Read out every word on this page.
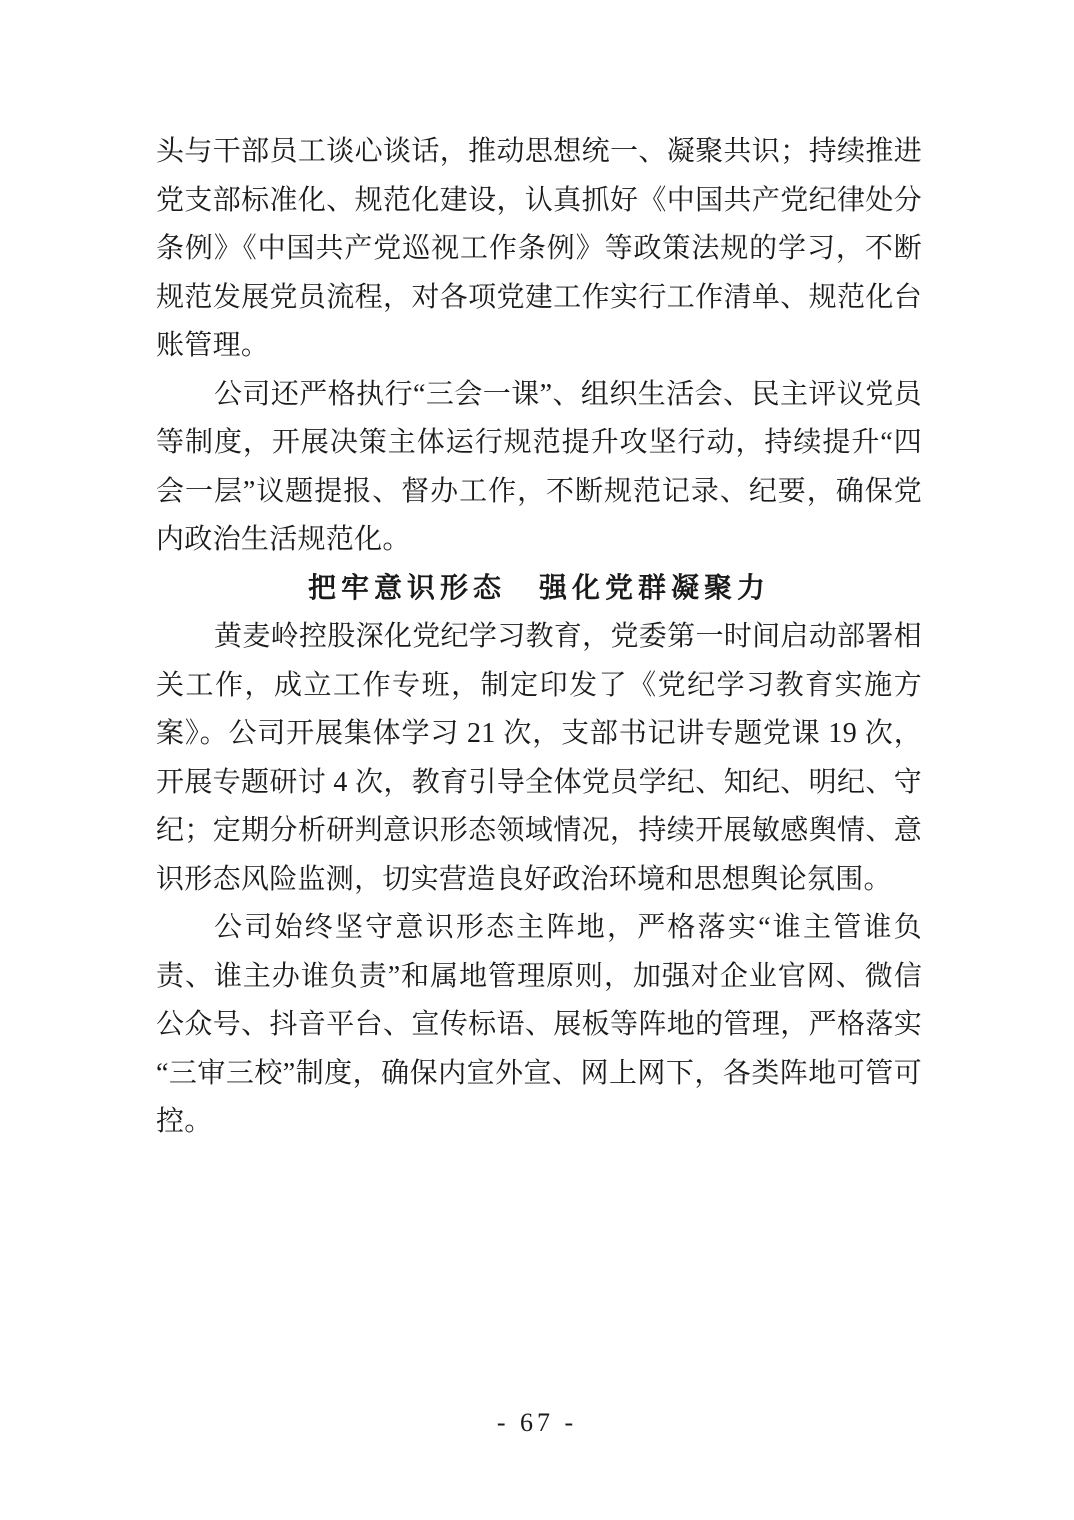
头与干部员工谈心谈话，推动思想统一、凝聚共识；持续推进党支部标准化、规范化建设，认真抓好《中国共产党纪律处分条例》《中国共产党巡视工作条例》等政策法规的学习，不断规范发展党员流程，对各项党建工作实行工作清单、规范化台账管理。

公司还严格执行“三会一课”、组织生活会、民主评议党员等制度，开展决策主体运行规范提升攻坚行动，持续提升“四会一层”议题提报、督办工作，不断规范记录、纪要，确保党内政治生活规范化。

把牢意识形态　强化党群凝聚力

黄麦岭控股深化党纪学习教育，党委第一时间启动部署相关工作，成立工作专班，制定印发了《党纪学习教育实施方案》。公司开展集体学习 21 次，支部书记讲专题党课 19 次，开展专题研讨 4 次，教育引导全体党员学纪、知纪、明纪、守纪；定期分析研判意识形态领域情况，持续开展敏感舆情、意识形态风险监测，切实营造良好政治环境和思想舆论氛围。

公司始终坚守意识形态主阵地，严格落实“谁主管谁负责、谁主办谁负责”和属地管理原则，加强对企业官网、微信公众号、抖音平台、宣传标语、展板等阵地的管理，严格落实“三审三校”制度，确保内宣外宣、网上网下，各类阵地可管可控。

- 67 -
